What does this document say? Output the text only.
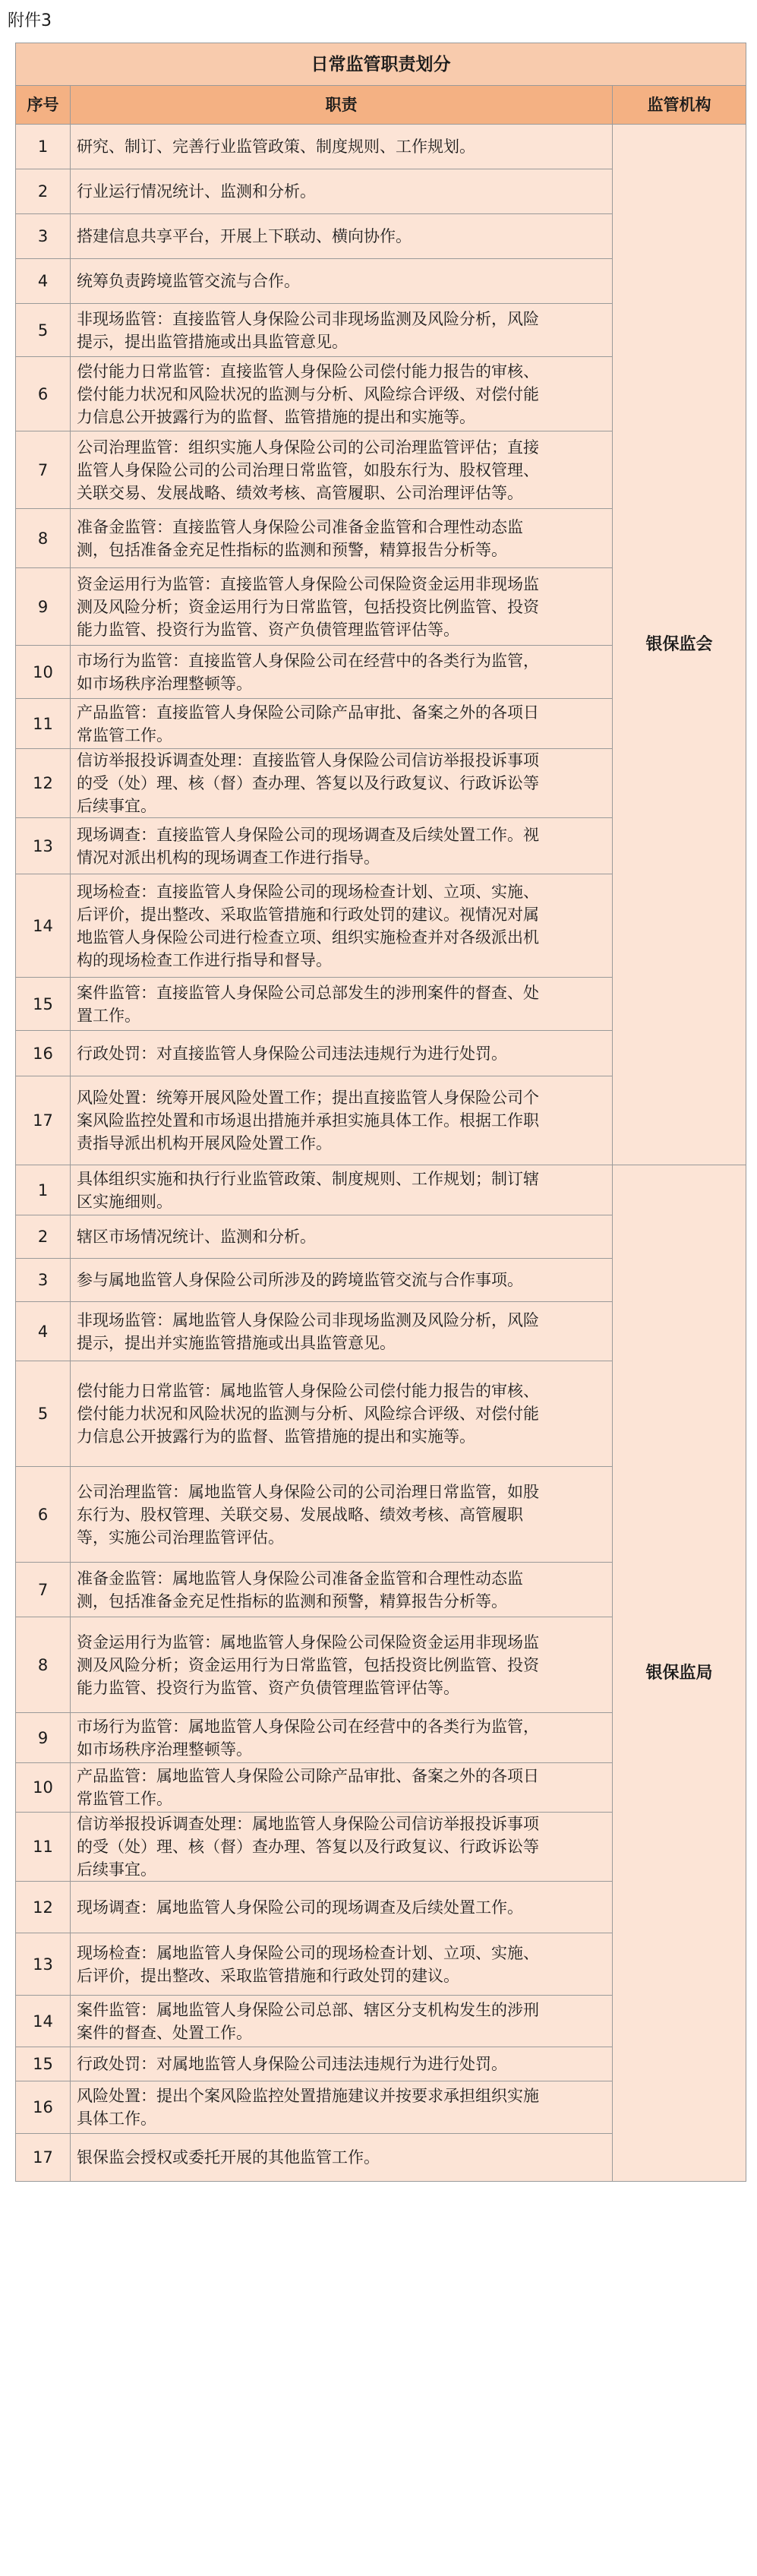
附件3
日常监管职责划分		
序号	职责	监管机构
1	研究、制订、完善行业监管政策、制度规则、工作规划。	银保监会
2	行业运行情况统计、监测和分析。	

3	搭建信息共享平台，开展上下联动、横向协作。	

4	统筹负责跨境监管交流与合作。	

5	非现场监管：直接监管人身保险公司非现场监测及风险分析，风险
提示，提出监管措施或出具监管意见。	

6	偿付能力日常监管：直接监管人身保险公司偿付能力报告的审核、
偿付能力状况和风险状况的监测与分析、风险综合评级、对偿付能
力信息公开披露行为的监督、监管措施的提出和实施等。	

7	公司治理监管：组织实施人身保险公司的公司治理监管评估；直接
监管人身保险公司的公司治理日常监管，如股东行为、股权管理、
关联交易、发展战略、绩效考核、高管履职、公司治理评估等。	

8	准备金监管：直接监管人身保险公司准备金监管和合理性动态监
测，包括准备金充足性指标的监测和预警，精算报告分析等。	

9	资金运用行为监管：直接监管人身保险公司保险资金运用非现场监
测及风险分析；资金运用行为日常监管，包括投资比例监管、投资
能力监管、投资行为监管、资产负债管理监管评估等。	

10	市场行为监管：直接监管人身保险公司在经营中的各类行为监管，
如市场秩序治理整顿等。	

11	产品监管：直接监管人身保险公司除产品审批、备案之外的各项日
常监管工作。	

12	信访举报投诉调查处理：直接监管人身保险公司信访举报投诉事项
的受（处）理、核（督）查办理、答复以及行政复议、行政诉讼等
后续事宜。	

13	现场调查：直接监管人身保险公司的现场调查及后续处置工作。视
情况对派出机构的现场调查工作进行指导。	

14	现场检查：直接监管人身保险公司的现场检查计划、立项、实施、
后评价，提出整改、采取监管措施和行政处罚的建议。视情况对属
地监管人身保险公司进行检查立项、组织实施检查并对各级派出机
构的现场检查工作进行指导和督导。	

15	案件监管：直接监管人身保险公司总部发生的涉刑案件的督查、处
置工作。	

16	行政处罚：对直接监管人身保险公司违法违规行为进行处罚。	

17	风险处置：统筹开展风险处置工作；提出直接监管人身保险公司个
案风险监控处置和市场退出措施并承担实施具体工作。根据工作职
责指导派出机构开展风险处置工作。	

1	具体组织实施和执行行业监管政策、制度规则、工作规划；制订辖
区实施细则。	银保监局
2	辖区市场情况统计、监测和分析。	

3	参与属地监管人身保险公司所涉及的跨境监管交流与合作事项。	

4	非现场监管：属地监管人身保险公司非现场监测及风险分析，风险
提示，提出并实施监管措施或出具监管意见。	

5	偿付能力日常监管：属地监管人身保险公司偿付能力报告的审核、
偿付能力状况和风险状况的监测与分析、风险综合评级、对偿付能
力信息公开披露行为的监督、监管措施的提出和实施等。	

6	公司治理监管：属地监管人身保险公司的公司治理日常监管，如股
东行为、股权管理、关联交易、发展战略、绩效考核、高管履职
等，实施公司治理监管评估。	

7	准备金监管：属地监管人身保险公司准备金监管和合理性动态监
测，包括准备金充足性指标的监测和预警，精算报告分析等。	

8	资金运用行为监管：属地监管人身保险公司保险资金运用非现场监
测及风险分析；资金运用行为日常监管，包括投资比例监管、投资
能力监管、投资行为监管、资产负债管理监管评估等。	

9	市场行为监管：属地监管人身保险公司在经营中的各类行为监管，
如市场秩序治理整顿等。	

10	产品监管：属地监管人身保险公司除产品审批、备案之外的各项日
常监管工作。	

11	信访举报投诉调查处理：属地监管人身保险公司信访举报投诉事项
的受（处）理、核（督）查办理、答复以及行政复议、行政诉讼等
后续事宜。	

12	现场调查：属地监管人身保险公司的现场调查及后续处置工作。	

13	现场检查：属地监管人身保险公司的现场检查计划、立项、实施、
后评价，提出整改、采取监管措施和行政处罚的建议。	

14	案件监管：属地监管人身保险公司总部、辖区分支机构发生的涉刑
案件的督查、处置工作。	

15	行政处罚：对属地监管人身保险公司违法违规行为进行处罚。	

16	风险处置：提出个案风险监控处置措施建议并按要求承担组织实施
具体工作。	

17	银保监会授权或委托开展的其他监管工作。	
